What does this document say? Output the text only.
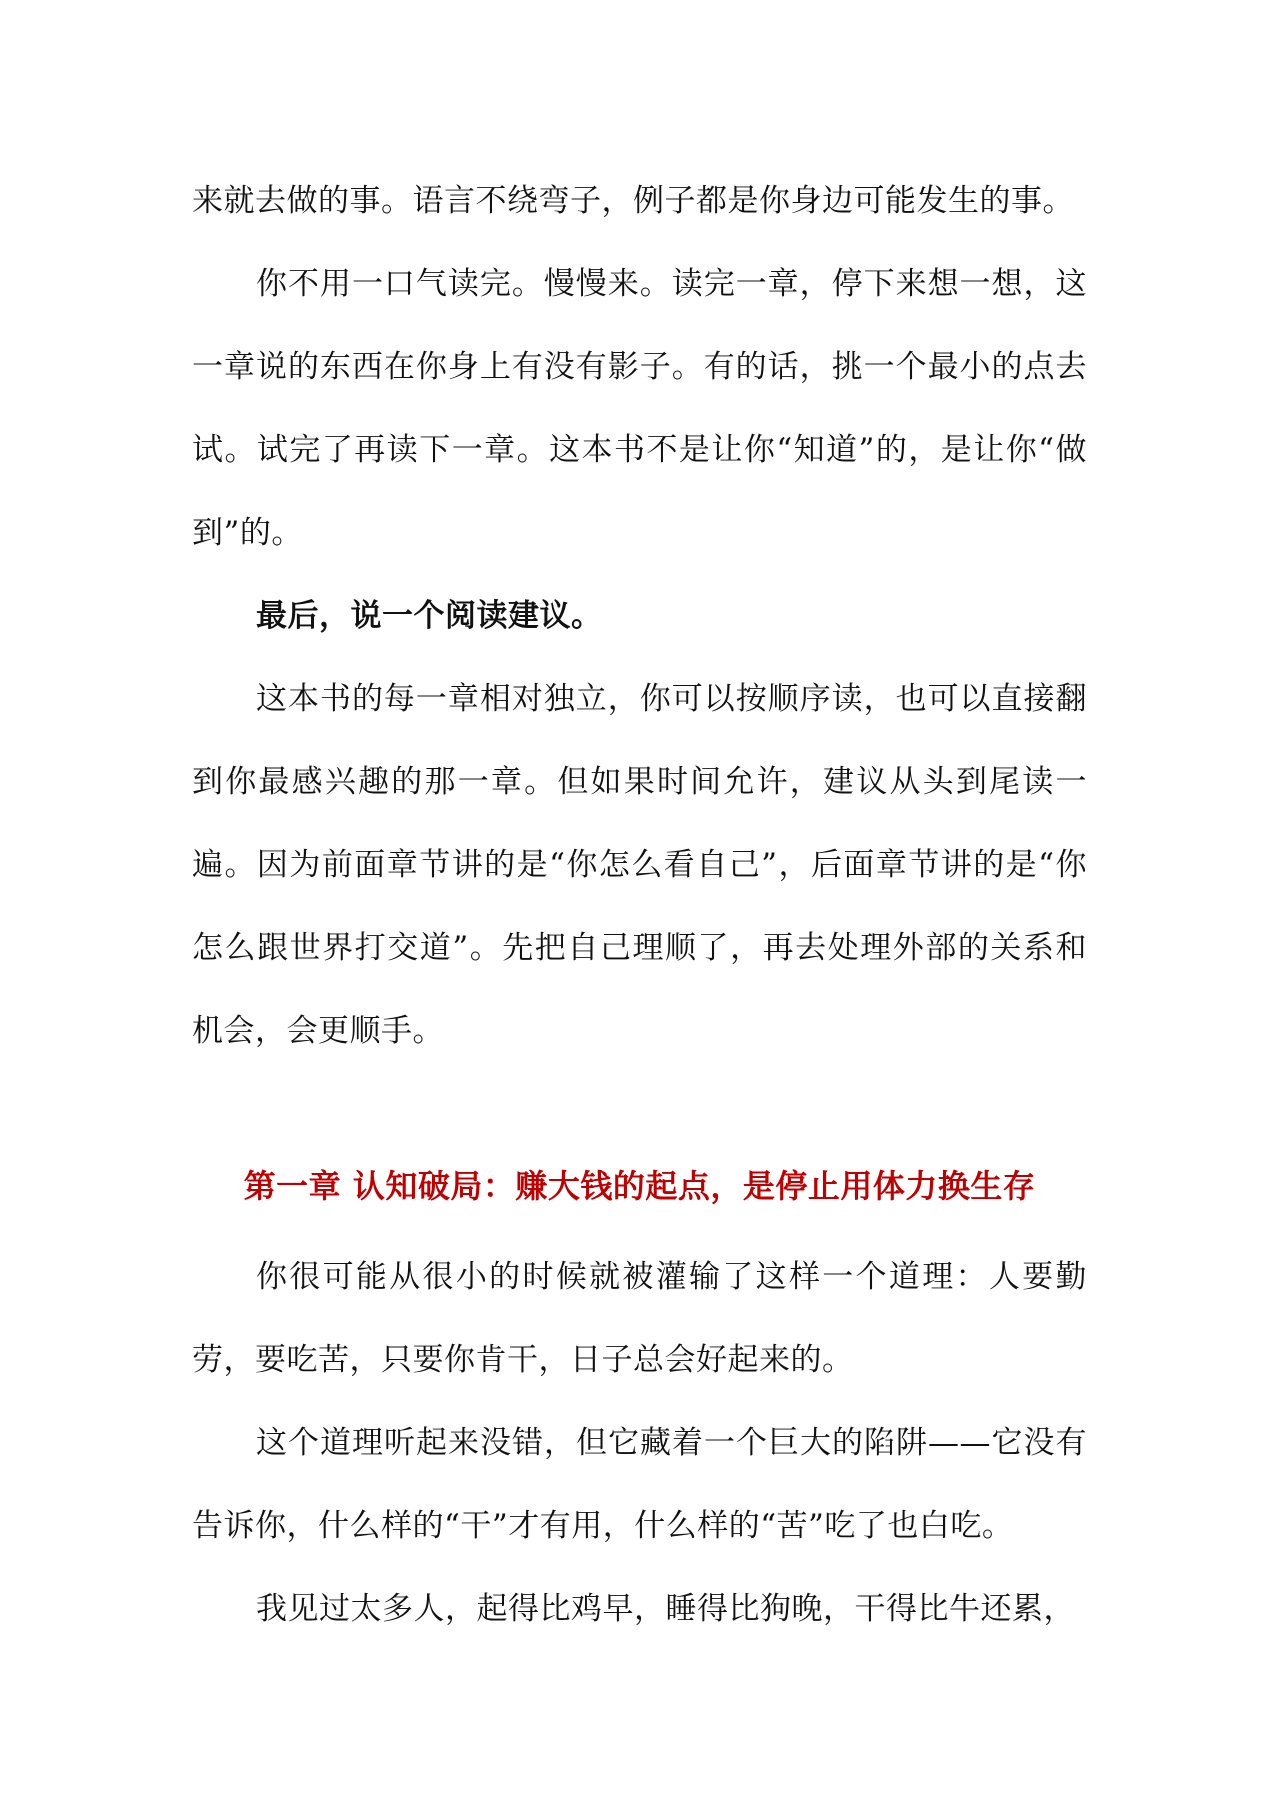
来就去做的事。语言不绕弯子，例子都是你身边可能发生的事。

你不用一口气读完。慢慢来。读完一章，停下来想一想，这一章说的东西在你身上有没有影子。有的话，挑一个最小的点去试。试完了再读下一章。这本书不是让你“知道”的，是让你“做到”的。

最后，说一个阅读建议。

这本书的每一章相对独立，你可以按顺序读，也可以直接翻到你最感兴趣的那一章。但如果时间允许，建议从头到尾读一遍。因为前面章节讲的是“你怎么看自己”，后面章节讲的是“你怎么跟世界打交道”。先把自己理顺了，再去处理外部的关系和机会，会更顺手。

第一章 认知破局：赚大钱的起点，是停止用体力换生存

你很可能从很小的时候就被灌输了这样一个道理：人要勤劳，要吃苦，只要你肯干，日子总会好起来的。

这个道理听起来没错，但它藏着一个巨大的陷阱——它没有告诉你，什么样的“干”才有用，什么样的“苦”吃了也白吃。

我见过太多人，起得比鸡早，睡得比狗晚，干得比牛还累，
